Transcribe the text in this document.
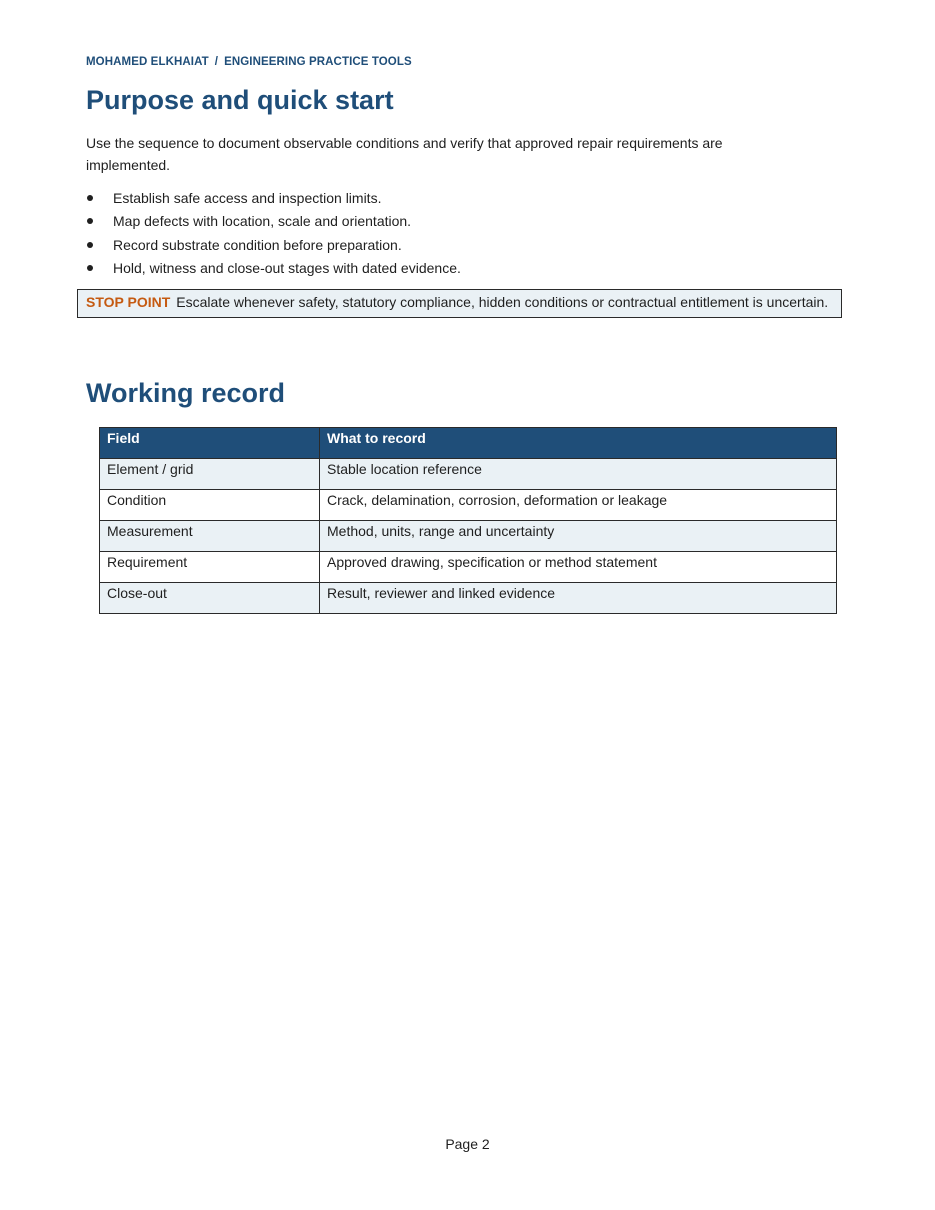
MOHAMED ELKHAIAT / ENGINEERING PRACTICE TOOLS
Purpose and quick start

Use the sequence to document observable conditions and verify that approved repair requirements are implemented.

Establish safe access and inspection limits.
Map defects with location, scale and orientation.
Record substrate condition before preparation.
Hold, witness and close-out stages with dated evidence.
STOP POINT Escalate whenever safety, statutory compliance, hidden conditions or contractual entitlement is uncertain.
Working record
Field	What to record
Element / grid	Stable location reference
Condition	Crack, delamination, corrosion, deformation or leakage
Measurement	Method, units, range and uncertainty
Requirement	Approved drawing, specification or method statement
Close-out	Result, reviewer and linked evidence
Page 2
